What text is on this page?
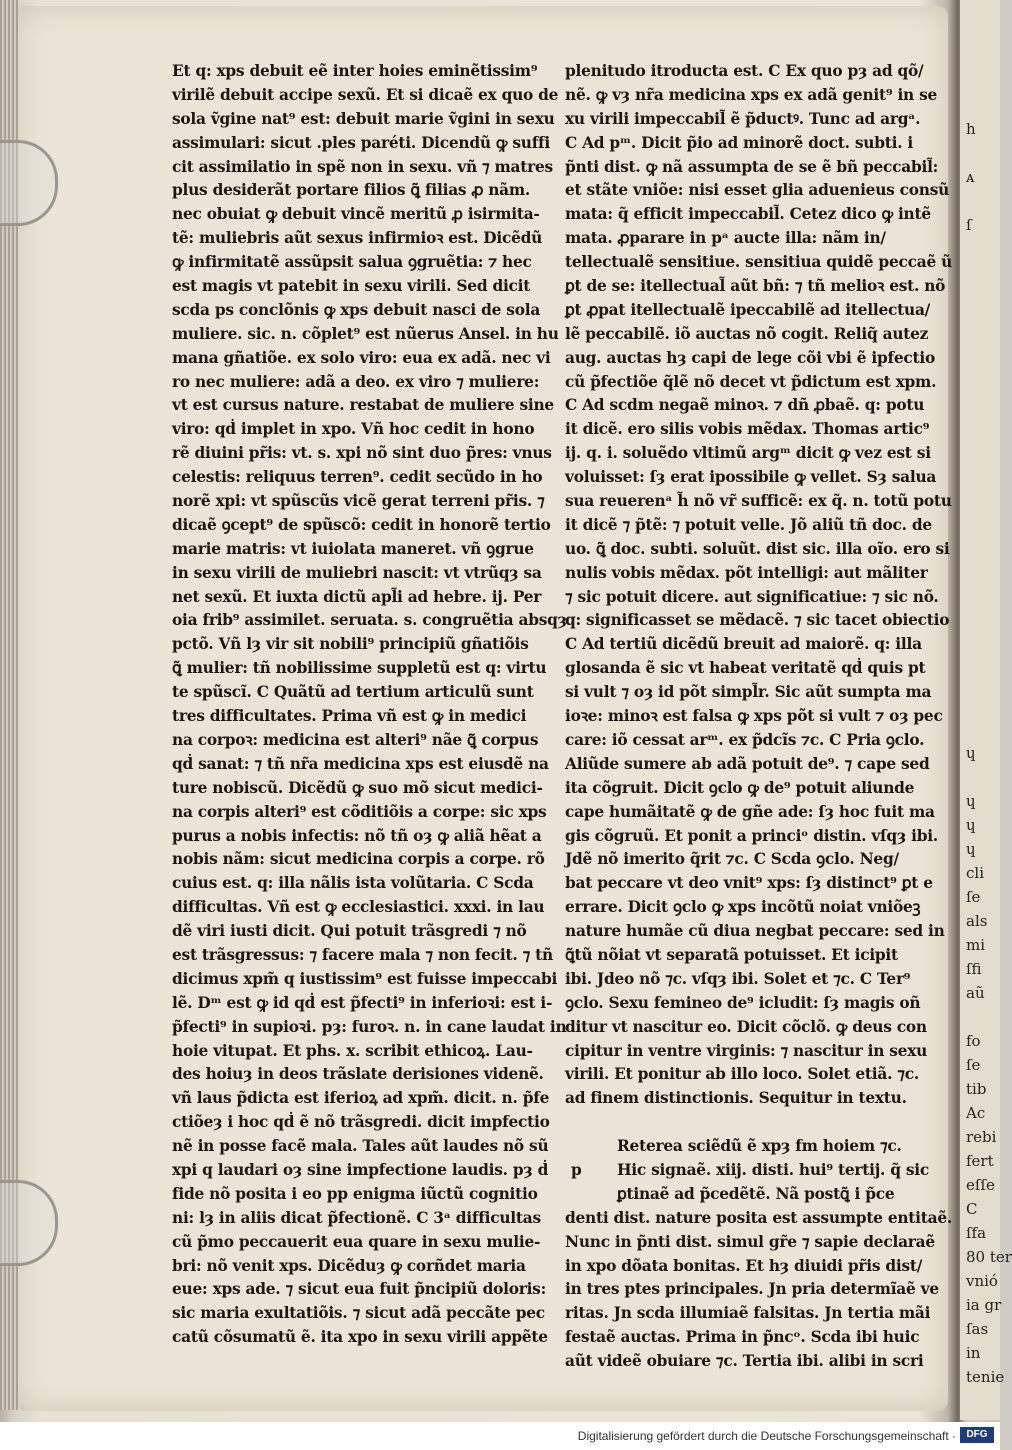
Et q: xps debuit eẽ inter hoies eminẽtissim⁹
virilẽ debuit accipe sexũ. Et si dicaẽ ex quo de
sola ṽgine nat⁹ est: debuit marie ṽgini in sexu
assimulari: sicut .ples paréti. Dicendũ ꝙ suffi
cit assimilatio in spẽ non in sexu. vñ ⁊ matres
plus desiderãt portare filios ꝗ̃ filias ꝓ nãm.
nec obuiat ꝙ debuit vincẽ meritũ ꝓ isirmita-
tẽ: muliebris aũt sexus infirmioꝛ est. Dicẽdũ
ꝙ infirmitatẽ assũpsit salua ꝯgruẽtia: ⁊ hec
est magis vt patebit in sexu virili. Sed dicit
scda ps conclõnis ꝙ xps debuit nasci de sola
muliere. sic. n. cõplet⁹ est nũerus Ansel. in hu
mana gñatiõe. ex solo viro: eua ex adã. nec vi
ro nec muliere: adã a deo. ex viro ⁊ muliere:
vt est cursus nature. restabat de muliere sine
viro: qḋ implet in xpo. Vñ hoc cedit in hono
rẽ diuini pr̃is: vt. s. xpi nõ sint duo p̃res: vnus
celestis: reliquus terren⁹. cedit secũdo in ho
norẽ xpi: vt spũscũs vicẽ gerat terreni pr̃is. ⁊
dicaẽ ꝯcept⁹ de spũscõ: cedit in honorẽ tertio
marie matris: vt iuiolata maneret. vñ ꝯgrue
in sexu virili de muliebri nascit: vt vtrũqȝ sa
net sexũ. Et iuxta dictũ apl̃i ad hebre. ij. Per
oia frib⁹ assimilet. seruata. s. congruẽtia absqȝ
pctõ. Vñ lȝ vir sit nobili⁹ principiũ gñatiõis
ꝗ̃ mulier: tñ nobilissime suppletũ est q: virtu
te spũscĩ. C Quãtũ ad tertium articulũ sunt
tres difficultates. Prima vñ est ꝙ in medici
na corpoꝛ: medicina est alteri⁹ nãe ꝗ̃ corpus
qḋ sanat: ⁊ tñ nr̃a medicina xps est eiusdẽ na
ture nobiscũ. Dicẽdũ ꝙ suo mõ sicut medici-
na corpis alteri⁹ est cõditiõis a corpe: sic xps
purus a nobis infectis: nõ tñ oȝ ꝙ aliã hẽat a
nobis nãm: sicut medicina corpis a corpe. rõ
cuius est. q: illa nãlis ista volũtaria. C Scda
difficultas. Vñ est ꝙ ecclesiastici. xxxi. in lau
dẽ viri iusti dicit. Qui potuit trãsgredi ⁊ nõ
est trãsgressus: ⁊ facere mala ⁊ non fecit. ⁊ tñ
dicimus xpm̃ q iustissim⁹ est fuisse impeccabi
lẽ. Dᵐ est ꝙ id qḋ est p̃fecti⁹ in inferioꝛi: est i-
p̃fecti⁹ in supioꝛi. pȝ: furoꝛ. n. in cane laudat in
hoie vitupat. Et phs. x. scribit ethicoꝝ. Lau-
des hoiuȝ in deos trãslate derisiones videnẽ.
vñ laus p̃dicta est iferioꝝ ad xpm̃. dicit. n. p̃fe
ctiõeȝ i hoc qḋ ẽ nõ trãsgredi. dicit impfectio
nẽ in posse facẽ mala. Tales aũt laudes nõ sũ
xpi q laudari oȝ sine impfectione laudis. pȝ ḋ
fide nõ posita i eo pp enigma iũctũ cognitio
ni: lȝ in aliis dicat p̃fectionẽ. C 3ᵃ difficultas
cũ p̃mo peccauerit eua quare in sexu mulie-
bri: nõ venit xps. Dicẽduȝ ꝙ corñdet maria
eue: xps ade. ⁊ sicut eua fuit p̃ncipiũ doloris:
sic maria exultatiõis. ⁊ sicut adã peccãte pec
catũ cõsumatũ ẽ. ita xpo in sexu virili appẽte
plenitudo itroducta est. C Ex quo pȝ ad qõ/
nẽ. ꝙ vȝ nr̃a medicina xps ex adã genit⁹ in se
xu virili impeccabil̃ ẽ p̃ductꝰ. Tunc ad argᵃ.
C Ad pᵐ. Dicit p̃io ad minorẽ doct. subti. i
p̃nti dist. ꝙ nã assumpta de se ẽ bñ peccabil̃:
et stãte vniõe: nisi esset glia aduenieus consũ
mata: q̃ efficit impeccabil̃. Cetez dico ꝙ intẽ
mata. ꝓparare in pᵃ aucte illa: nãm in/
tellectualẽ sensitiue. sensitiua quidẽ peccaẽ ũ
ꝑt de se: itellectual̃ aũt bñ: ⁊ tñ melioꝛ est. nõ
ꝑt ꝓpat itellectualẽ ipeccabilẽ ad itellectua/
lẽ peccabilẽ. iõ auctas nõ cogit. Reliq̃ autez
aug. auctas hȝ capi de lege cõi vbi ẽ ipfectio
cũ p̃fectiõe q̃lẽ nõ decet vt p̃dictum est xpm.
C Ad scdm negaẽ minoꝛ. ⁊ dñ ꝓbaẽ. q: potu
it dicẽ. ero silis vobis mẽdax. Thomas artic⁹
ij. q. i. soluẽdo vltimũ argᵐ dicit ꝙ vez est si
voluisset: ſȝ erat ipossibile ꝙ vellet. Sȝ salua
sua reuerenᵃ h̃ nõ vr̃ sufficẽ: ex q̃. n. totũ potu
it dicẽ ⁊ p̃tẽ: ⁊ potuit velle. Jõ aliũ tñ doc. de
uo. ꝗ̃ doc. subti. soluũt. dist sic. illa oĩo. ero si
nulis vobis mẽdax. põt intelligi: aut mãliter
⁊ sic potuit dicere. aut significatiue: ⁊ sic nõ.
q: significasset se mẽdacẽ. ⁊ sic tacet obiectio
C Ad tertiũ dicẽdũ breuit ad maiorẽ. q: illa
glosanda ẽ sic vt habeat veritatẽ qḋ quis pt
si vult ⁊ oȝ id põt simpl̃r. Sic aũt sumpta ma
ioꝛe: minoꝛ est falsa ꝙ xps põt si vult ⁊ oȝ pec
care: iõ cessat arᵐ. ex p̃dcĩs ⁊c. C Pria ꝯclo.
Aliũde sumere ab adã potuit de⁹. ⁊ cape sed
ita cõgruit. Dicit ꝯclo ꝙ de⁹ potuit aliunde
cape humãitatẽ ꝙ de gñe ade: ſȝ hoc fuit ma
gis cõgruũ. Et ponit a princiᵒ distin. vſqȝ ibi.
Jdẽ nõ imerito q̃rit ⁊c. C Scda ꝯclo. Neg/
bat peccare vt deo vnit⁹ xps: ſȝ distinct⁹ ꝑt e
errare. Dicit ꝯclo ꝙ xps incõtũ noiat vniõeꝫ
nature humãe cũ diua negbat peccare: sed in
ꝗ̃tũ nõiat vt separatã potuisset. Et icipit
ibi. Jdeo nõ ⁊c. vſqȝ ibi. Solet et ⁊c. C Ter⁹
ꝯclo. Sexu femineo de⁹ icludit: ſȝ magis oñ
ditur vt nascitur eo. Dicit cõclõ. ꝙ deus con
cipitur in ventre virginis: ⁊ nascitur in sexu
virili. Et ponitur ab illo loco. Solet etiã. ⁊c.
ad finem distinctionis. Sequitur in textu.

Reterea sciẽdũ ẽ xpȝ fm hoiem ⁊c.
p Hic signaẽ. xiij. disti. hui⁹ tertij. q̃ sic
ꝑtinaẽ ad p̃cedẽtẽ. Nã postꝗ̃ i p̃ce
denti dist. nature posita est assumpte entitaẽ.
Nunc in p̃nti dist. simul gr̃e ⁊ sapie declaraẽ
in xpo dõata bonitas. Et hȝ diuidi pr̃is dist/
in tres ptes principales. Jn pria determĩaẽ ve
ritas. Jn scda illumiaẽ falsitas. Jn tertia mãi
festaẽ auctas. Prima in p̃ncᵒ. Scda ibi huic
aũt videẽ obuiare ⁊c. Tertia ibi. alibi in scri
h
ᴀ
ſ
ɥ
ɥ
ɥ
ɥ
cli
ſe
als
mi
ſfi
aũ
fo
ſe
tib
Ac
rebi
fert
eſſe
C
ſfa
80 ter
vnió
ia gr
ſas
in
tenie
Digitalisierung gefördert durch die Deutsche Forschungsgemeinschaft ·	DFG
